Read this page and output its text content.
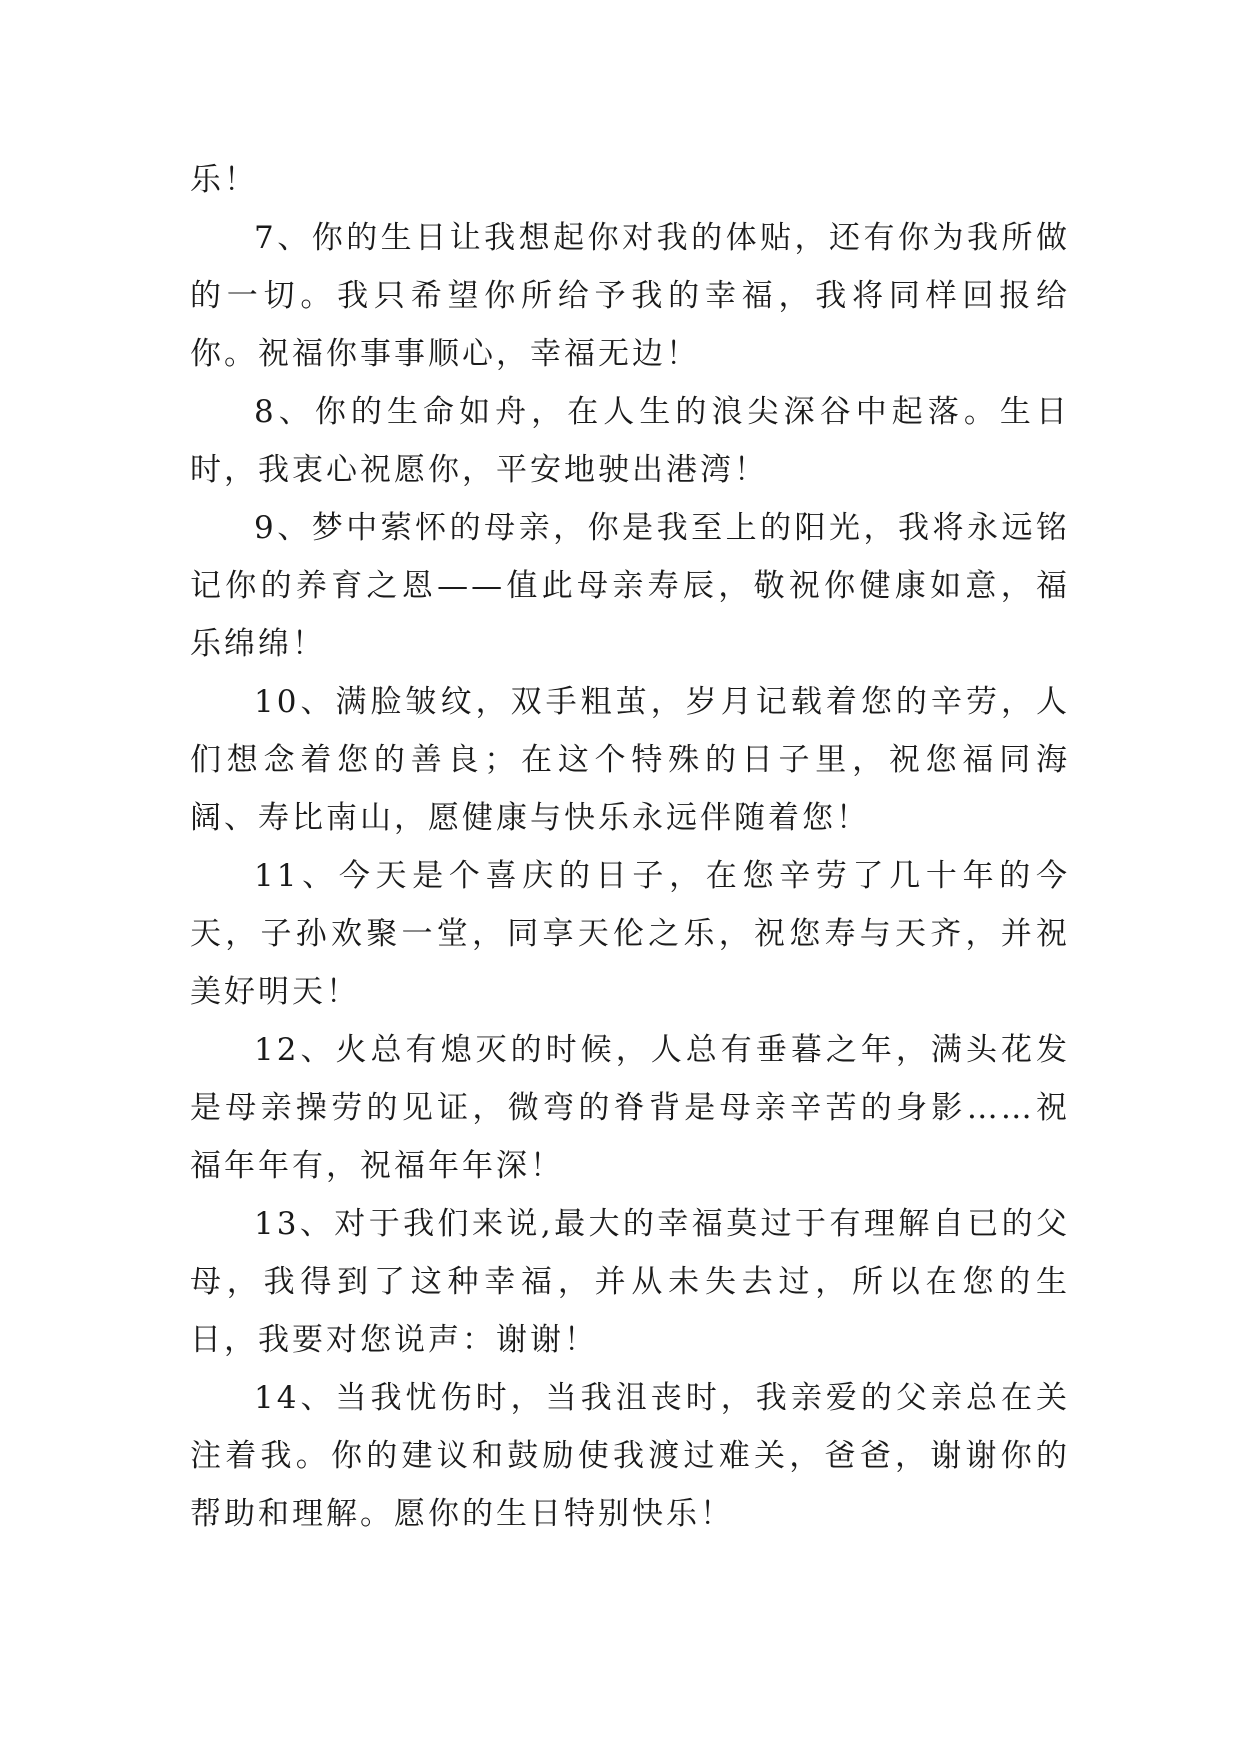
乐！

7、你的生日让我想起你对我的体贴，还有你为我所做的一切。我只希望你所给予我的幸福，我将同样回报给你。祝福你事事顺心，幸福无边！

8、你的生命如舟，在人生的浪尖深谷中起落。生日时，我衷心祝愿你，平安地驶出港湾！

9、梦中萦怀的母亲，你是我至上的阳光，我将永远铭记你的养育之恩——值此母亲寿辰，敬祝你健康如意，福乐绵绵！

10、满脸皱纹，双手粗茧，岁月记载着您的辛劳，人们想念着您的善良；在这个特殊的日子里，祝您福同海阔、寿比南山，愿健康与快乐永远伴随着您！

11、今天是个喜庆的日子，在您辛劳了几十年的今天，子孙欢聚一堂，同享天伦之乐，祝您寿与天齐，并祝美好明天！

12、火总有熄灭的时候，人总有垂暮之年，满头花发是母亲操劳的见证，微弯的脊背是母亲辛苦的身影……祝福年年有，祝福年年深！

13、对于我们来说,最大的幸福莫过于有理解自已的父母，我得到了这种幸福，并从未失去过，所以在您的生日，我要对您说声：谢谢！

14、当我忧伤时，当我沮丧时，我亲爱的父亲总在关注着我。你的建议和鼓励使我渡过难关，爸爸，谢谢你的帮助和理解。愿你的生日特别快乐！
